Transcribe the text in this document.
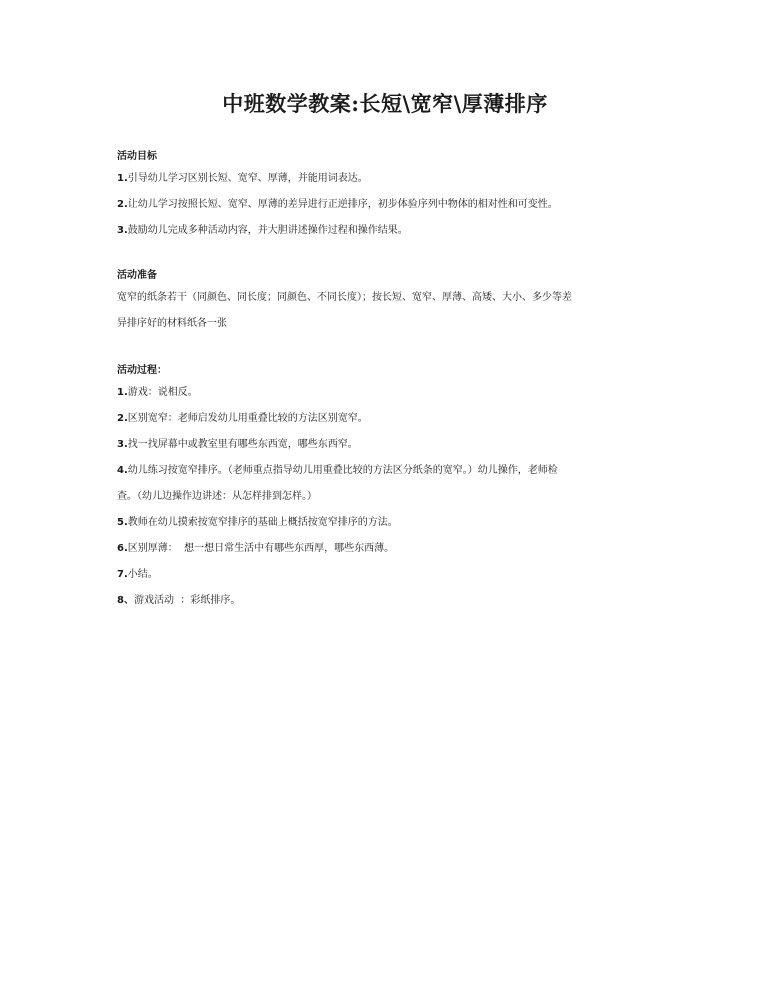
中班数学教案:长短\宽窄\厚薄排序
活动目标
1.引导幼儿学习区别长短、宽窄、厚薄，并能用词表达。
2.让幼儿学习按照长短、宽窄、厚薄的差异进行正逆排序，初步体验序列中物体的相对性和可变性。
3.鼓励幼儿完成多种活动内容，并大胆讲述操作过程和操作结果。
活动准备
宽窄的纸条若干（同颜色、同长度；同颜色、不同长度）；按长短、宽窄、厚薄、高矮、大小、多少等差
异排序好的材料纸各一张
活动过程：
1.游戏：说相反。
2.区别宽窄：老师启发幼儿用重叠比较的方法区别宽窄。
3.找一找屏幕中或教室里有哪些东西宽，哪些东西窄。
4.幼儿练习按宽窄排序。（老师重点指导幼儿用重叠比较的方法区分纸条的宽窄。）幼儿操作，老师检
查。（幼儿边操作边讲述：从怎样排到怎样。）
5.教师在幼儿摸索按宽窄排序的基础上概括按宽窄排序的方法。
6.区别厚薄：  想一想日常生活中有哪些东西厚，哪些东西薄。
7.小结。
8、游戏活动  ：彩纸排序。
